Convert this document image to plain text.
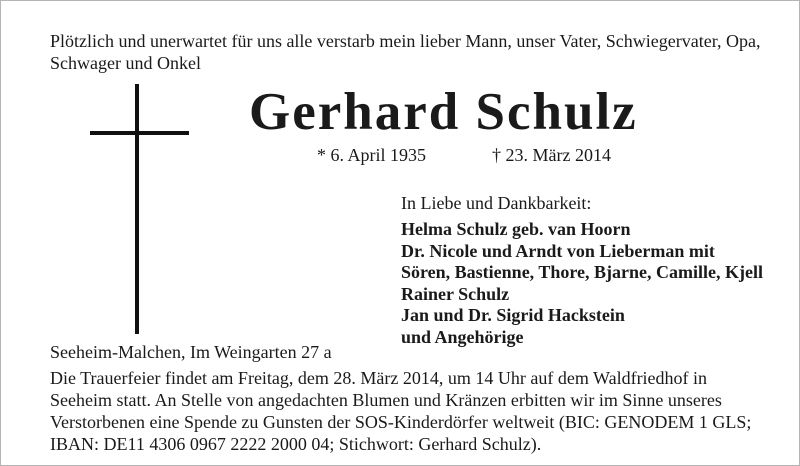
Plötzlich und unerwartet für uns alle verstarb mein lieber Mann, unser Vater, Schwiegervater, Opa, Schwager und Onkel

Gerhard Schulz
* 6. April 1935	† 23. März 2014
In Liebe und Dankbarkeit:
Helma Schulz geb. van Hoorn
Dr. Nicole und Arndt von Lieberman mit
Sören, Bastienne, Thore, Bjarne, Camille, Kjell
Rainer Schulz
Jan und Dr. Sigrid Hackstein
und Angehörige
Seeheim-Malchen, Im Weingarten 27 a

Die Trauerfeier findet am Freitag, dem 28. März 2014, um 14 Uhr auf dem Waldfriedhof in Seeheim statt. An Stelle von angedachten Blumen und Kränzen erbitten wir im Sinne unseres Verstorbenen eine Spende zu Gunsten der SOS-Kinderdörfer weltweit (BIC: GENODEM 1 GLS; IBAN: DE11 4306 0967 2222 2000 04; Stichwort: Gerhard Schulz).
